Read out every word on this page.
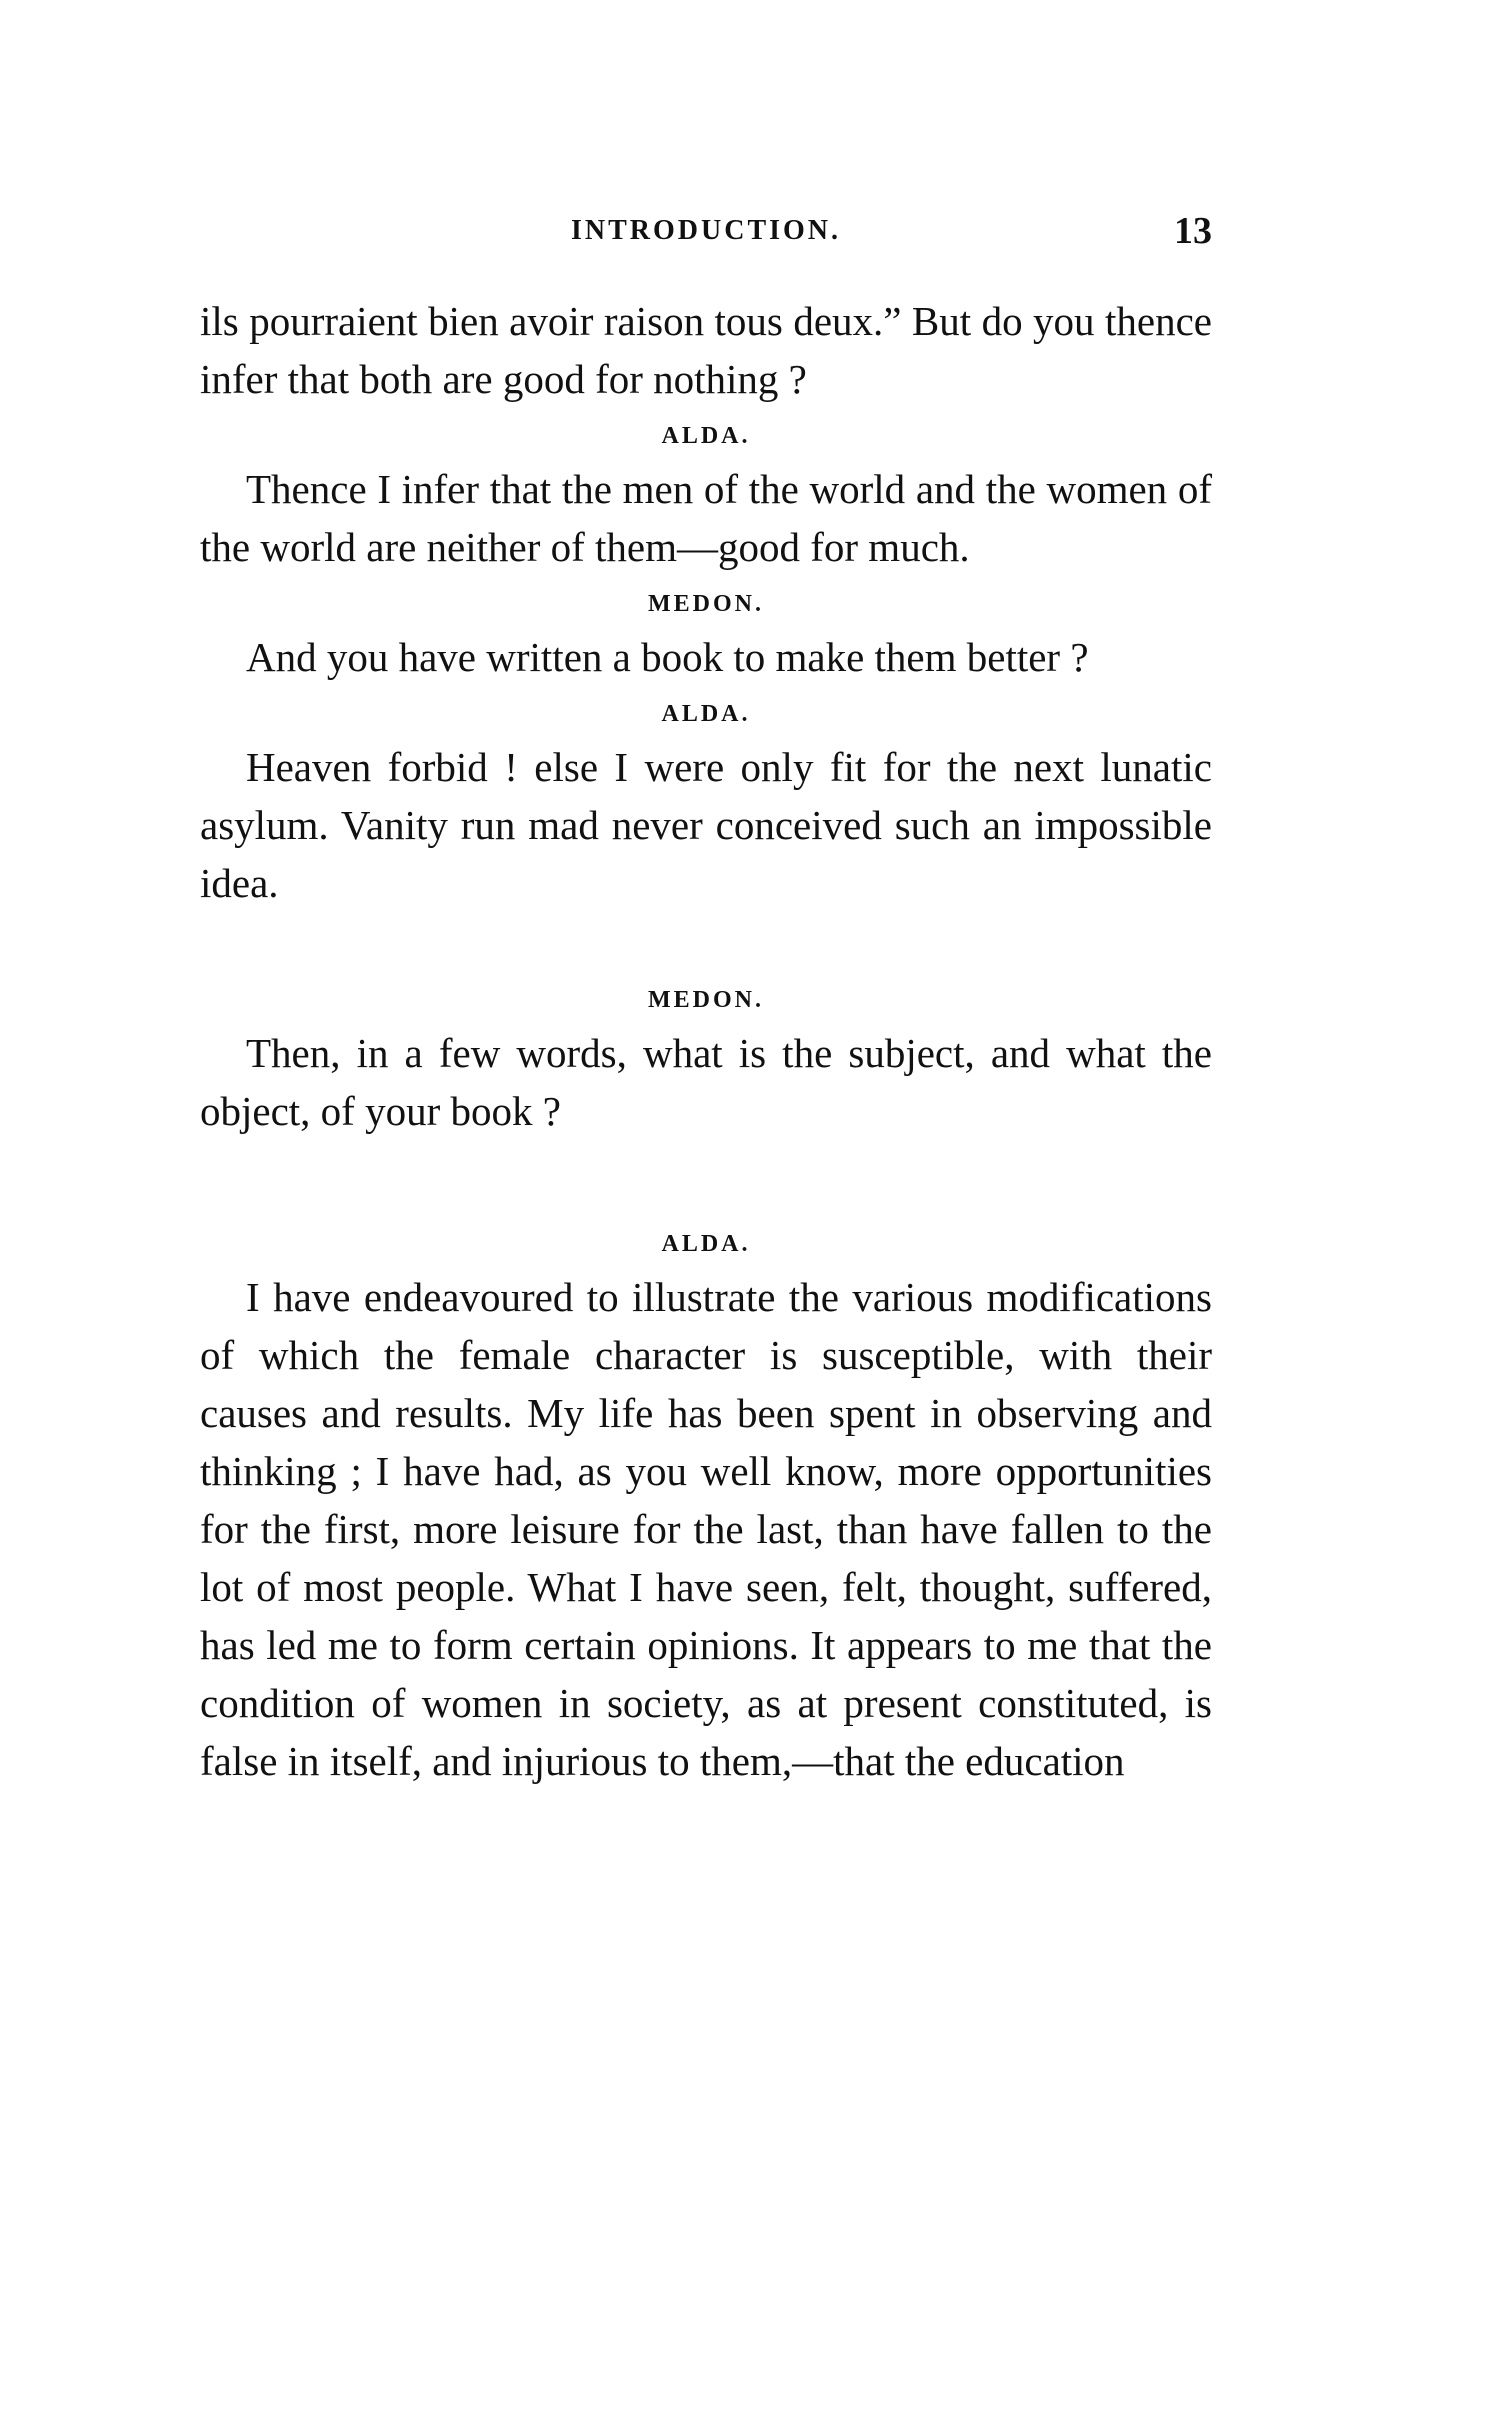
INTRODUCTION.	13

ils pourraient bien avoir raison tous deux.” But do you thence infer that both are good for nothing ?

ALDA.

Thence I infer that the men of the world and the women of the world are neither of them—good for much.

MEDON.

And you have written a book to make them better ?

ALDA.

Heaven forbid ! else I were only fit for the next lunatic asylum. Vanity run mad never conceived such an impossible idea.

MEDON.

Then, in a few words, what is the subject, and what the object, of your book ?

ALDA.

I have endeavoured to illustrate the various modifications of which the female character is susceptible, with their causes and results. My life has been spent in observing and thinking ; I have had, as you well know, more opportunities for the first, more leisure for the last, than have fallen to the lot of most people. What I have seen, felt, thought, suffered, has led me to form certain opinions. It appears to me that the condition of women in society, as at present constituted, is false in itself, and injurious to them,—that the education
